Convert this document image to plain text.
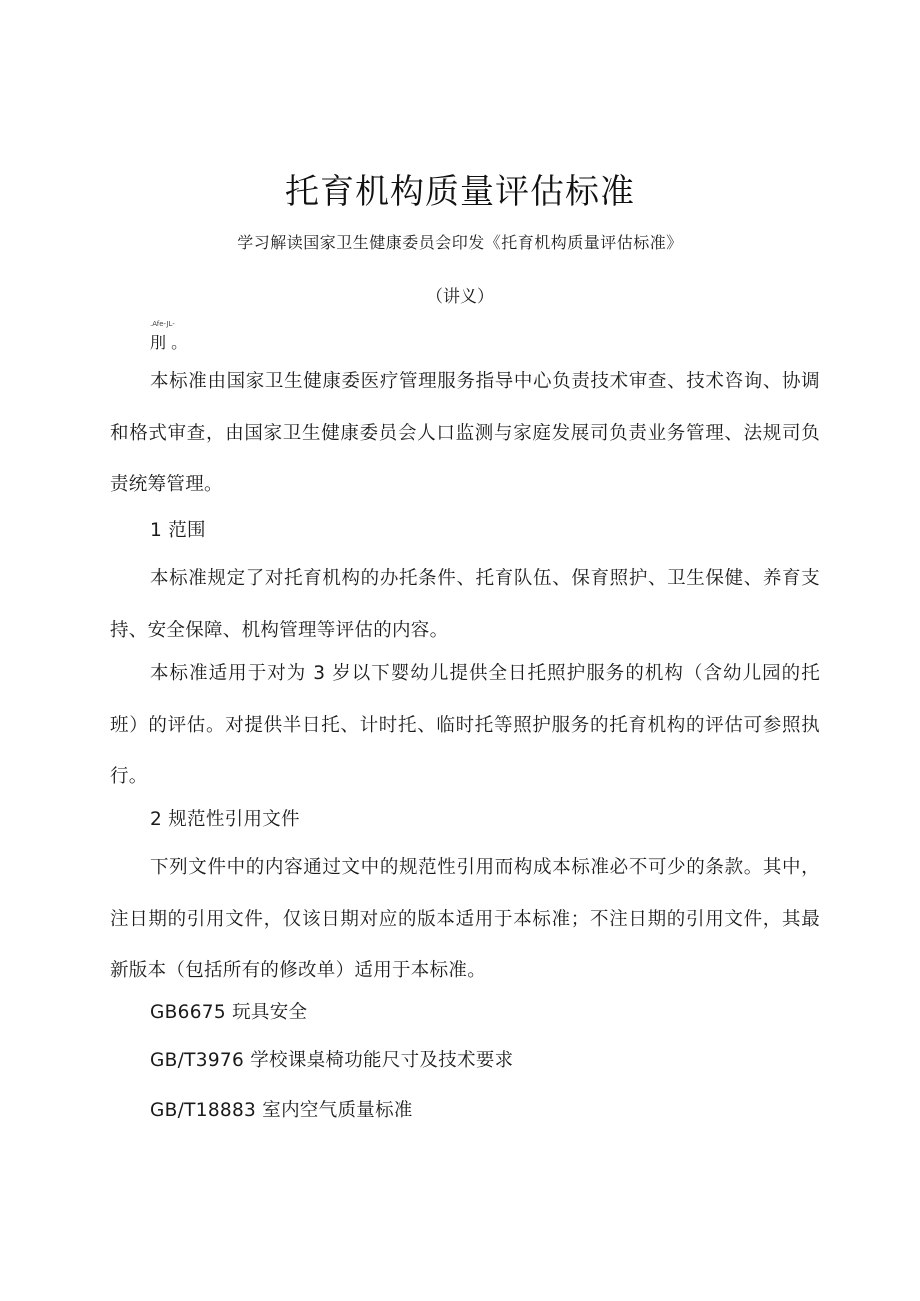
托育机构质量评估标准
学习解读国家卫生健康委员会印发《托育机构质量评估标准》
（讲义）
.Afe-JL-
刖 。
本标准由国家卫生健康委医疗管理服务指导中心负责技术审查、技术咨询、协调和格式审查，由国家卫生健康委员会人口监测与家庭发展司负责业务管理、法规司负责统筹管理。
1 范围
本标准规定了对托育机构的办托条件、托育队伍、保育照护、卫生保健、养育支持、安全保障、机构管理等评估的内容。
本标准适用于对为 3 岁以下婴幼儿提供全日托照护服务的机构（含幼儿园的托班）的评估。对提供半日托、计时托、临时托等照护服务的托育机构的评估可参照执行。
2 规范性引用文件
下列文件中的内容通过文中的规范性引用而构成本标准必不可少的条款。其中，注日期的引用文件，仅该日期对应的版本适用于本标准；不注日期的引用文件，其最新版本（包括所有的修改单）适用于本标准。
GB6675 玩具安全
GB/T3976 学校课桌椅功能尺寸及技术要求
GB/T18883 室内空气质量标准
